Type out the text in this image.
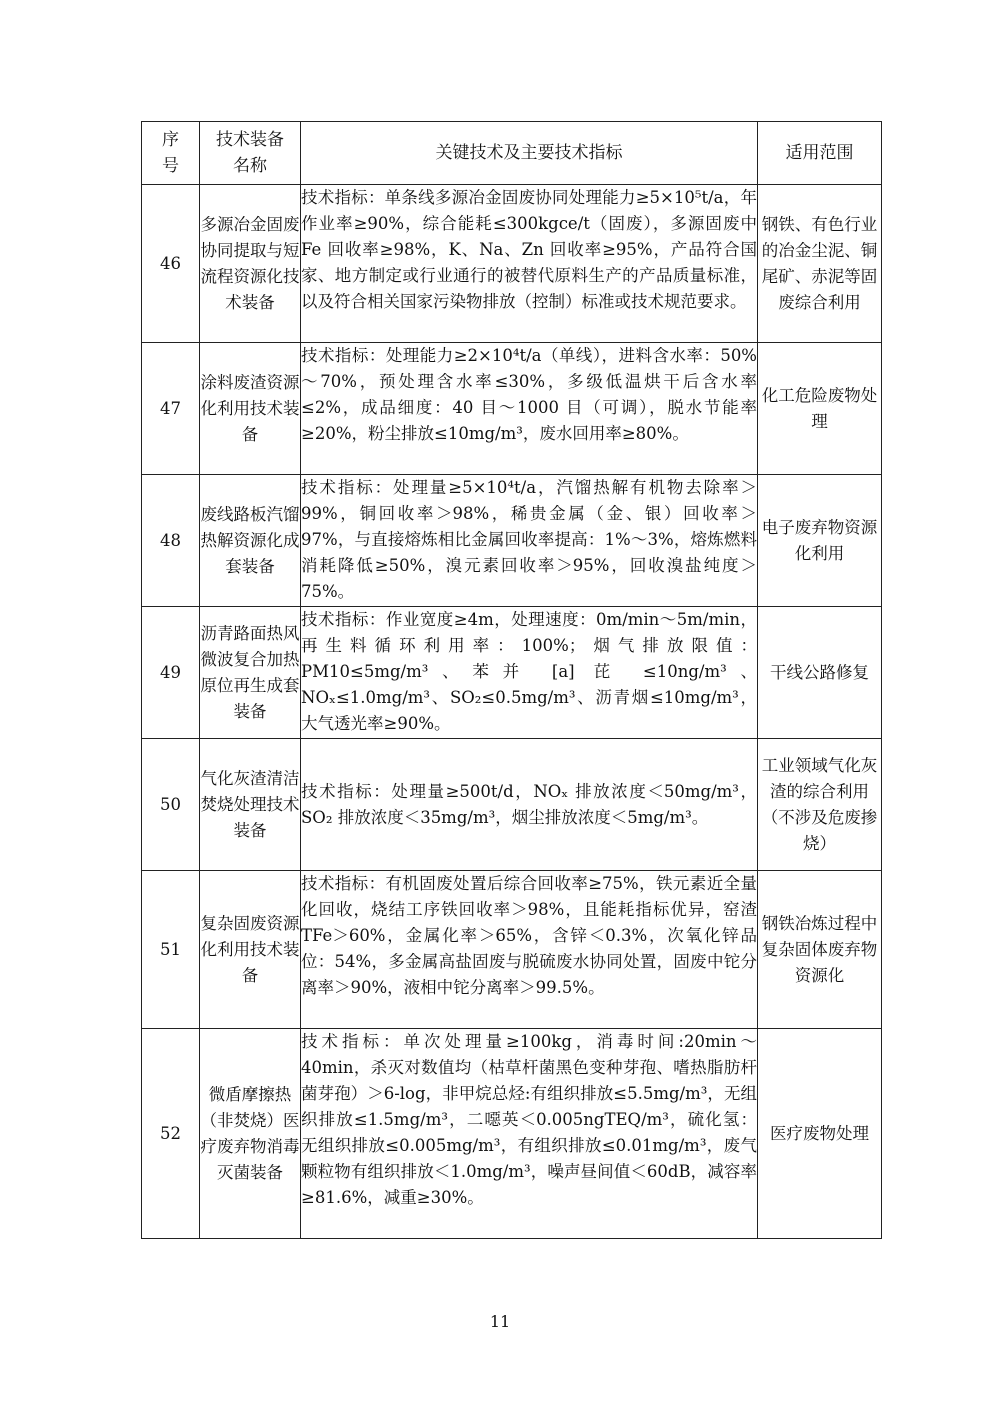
序号	技术装备名称	关键技术及主要技术指标	适用范围
46	多源冶金固废协同提取与短流程资源化技术装备	技术指标：单条线多源冶金固废协同处理能力≥5×10⁵t/a，年作业率≥90%，综合能耗≤300kgce/t（固废），多源固废中 Fe 回收率≥98%，K、Na、Zn 回收率≥95%，产品符合国家、地方制定或行业通行的被替代原料生产的产品质量标准，以及符合相关国家污染物排放（控制）标准或技术规范要求。	钢铁、有色行业的冶金尘泥、铜尾矿、赤泥等固废综合利用
47	涂料废渣资源化利用技术装备	技术指标：处理能力≥2×10⁴t/a（单线），进料含水率：50%～70%，预处理含水率≤30%，多级低温烘干后含水率≤2%，成品细度：40 目～1000 目（可调），脱水节能率≥20%，粉尘排放≤10mg/m³，废水回用率≥80%。	化工危险废物处理
48	废线路板汽馏热解资源化成套装备	技术指标：处理量≥5×10⁴t/a，汽馏热解有机物去除率＞99%，铜回收率＞98%，稀贵金属（金、银）回收率＞97%，与直接熔炼相比金属回收率提高：1%～3%，熔炼燃料消耗降低≥50%，溴元素回收率＞95%，回收溴盐纯度＞75%。	电子废弃物资源化利用
49	沥青路面热风微波复合加热原位再生成套装备	技术指标：作业宽度≥4m，处理速度：0m/min～5m/min，再生料循环利用率：100%；烟气排放限值：PM10≤5mg/m³、苯并 [a] 芘 ≤10ng/m³、NOₓ≤1.0mg/m³、SO₂≤0.5mg/m³、沥青烟≤10mg/m³，大气透光率≥90%。	干线公路修复
50	气化灰渣清洁焚烧处理技术装备	技术指标：处理量≥500t/d，NOₓ 排放浓度＜50mg/m³，SO₂ 排放浓度＜35mg/m³，烟尘排放浓度＜5mg/m³。	工业领域气化灰渣的综合利用（不涉及危废掺烧）
51	复杂固废资源化利用技术装备	技术指标：有机固废处置后综合回收率≥75%，铁元素近全量化回收，烧结工序铁回收率＞98%，且能耗指标优异，窑渣 TFe＞60%，金属化率＞65%，含锌＜0.3%，次氧化锌品位：54%，多金属高盐固废与脱硫废水协同处置，固废中铊分离率＞90%，液相中铊分离率＞99.5%。	钢铁冶炼过程中复杂固体废弃物资源化
52	微盾摩擦热（非焚烧）医疗废弃物消毒灭菌装备	技术指标：单次处理量≥100kg，消毒时间:20min～40min，杀灭对数值均（枯草杆菌黑色变种芽孢、嗜热脂肪杆菌芽孢）＞6-log，非甲烷总烃:有组织排放≤5.5mg/m³，无组织排放≤1.5mg/m³，二噁英＜0.005ngTEQ/m³，硫化氢：无组织排放≤0.005mg/m³，有组织排放≤0.01mg/m³，废气颗粒物有组织排放＜1.0mg/m³，噪声昼间值＜60dB，减容率≥81.6%，减重≥30%。	医疗废物处理
11
